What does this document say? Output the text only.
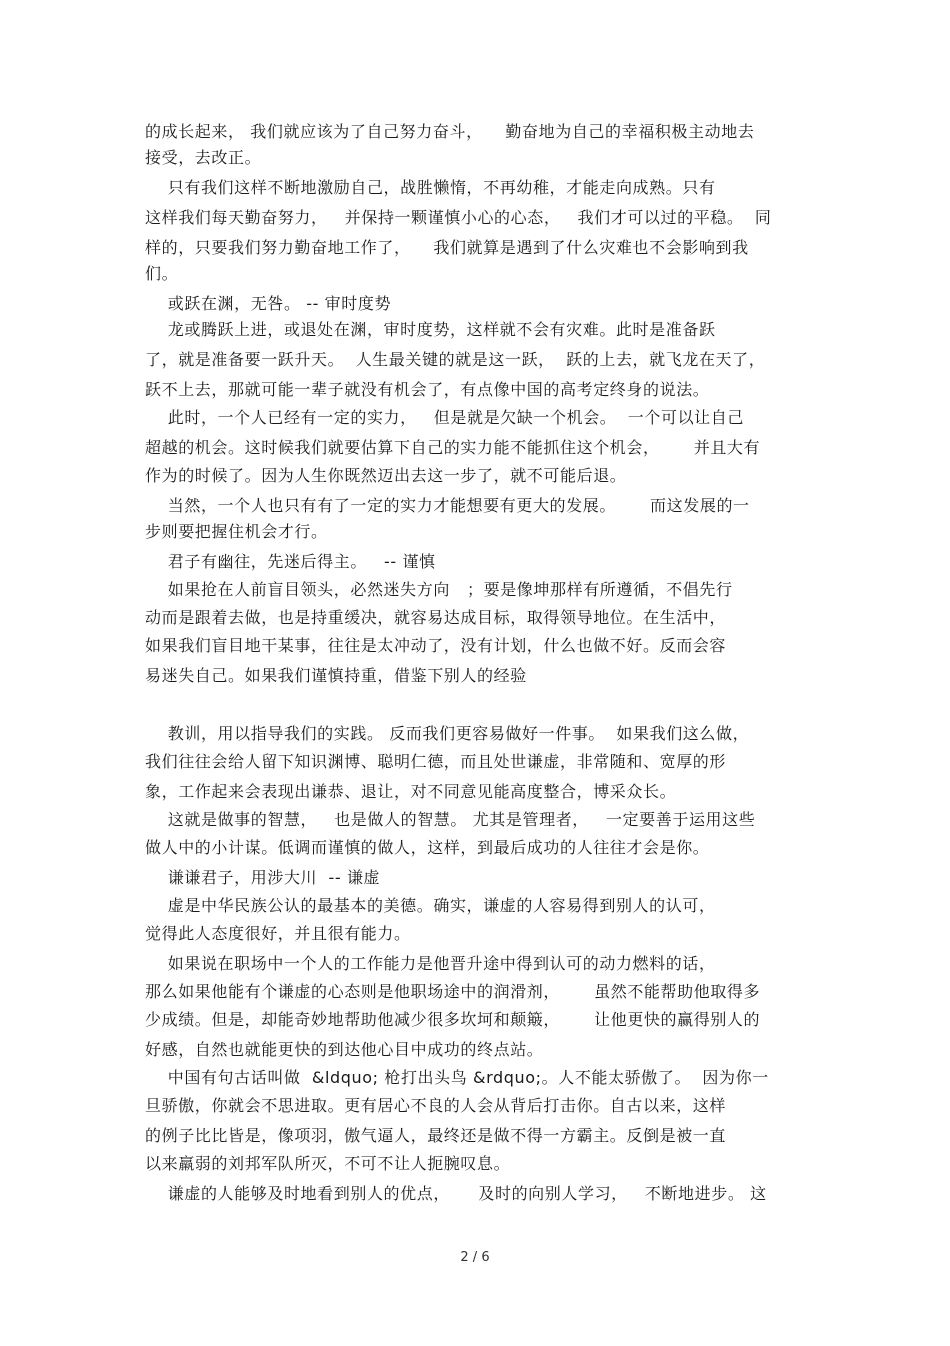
的成长起来， 我们就应该为了自己努力奋斗，    勤奋地为自己的幸福积极主动地去
接受，去改正。
只有我们这样不断地激励自己，战胜懒惰，不再幼稚，才能走向成熟。只有
这样我们每天勤奋努力，   并保持一颗谨慎小心的心态，   我们才可以过的平稳。  同
样的，只要我们努力勤奋地工作了，    我们就算是遇到了什么灾难也不会影响到我
们。
或跃在渊，无咎。 -- 审时度势
龙或腾跃上进，或退处在渊，审时度势，这样就不会有灾难。此时是准备跃
了，就是准备要一跃升天。  人生最关键的就是这一跃，  跃的上去，就飞龙在天了，
跃不上去，那就可能一辈子就没有机会了，有点像中国的高考定终身的说法。
此时，一个人已经有一定的实力，   但是就是欠缺一个机会。  一个可以让自己
超越的机会。这时候我们就要估算下自己的实力能不能抓住这个机会，      并且大有
作为的时候了。因为人生你既然迈出去这一步了，就不可能后退。
当然，一个人也只有有了一定的实力才能想要有更大的发展。      而这发展的一
步则要把握住机会才行。
君子有幽往，先迷后得主。   -- 谨慎
如果抢在人前盲目领头，必然迷失方向   ；要是像坤那样有所遵循，不倡先行
动而是跟着去做，也是持重缓决，就容易达成目标，取得领导地位。在生活中，
如果我们盲目地干某事，往往是太冲动了，没有计划，什么也做不好。反而会容
易迷失自己。如果我们谨慎持重，借鉴下别人的经验
教训，用以指导我们的实践。 反而我们更容易做好一件事。  如果我们这么做，
我们往往会给人留下知识渊博、聪明仁德，而且处世谦虚，非常随和、宽厚的形
象，工作起来会表现出谦恭、退让，对不同意见能高度整合，博采众长。
这就是做事的智慧，   也是做人的智慧。 尤其是管理者，   一定要善于运用这些
做人中的小计谋。低调而谨慎的做人，这样，到最后成功的人往往才会是你。
谦谦君子，用涉大川  -- 谦虚
虚是中华民族公认的最基本的美德。确实，谦虚的人容易得到别人的认可，
觉得此人态度很好，并且很有能力。
如果说在职场中一个人的工作能力是他晋升途中得到认可的动力燃料的话，
那么如果他能有个谦虚的心态则是他职场途中的润滑剂，      虽然不能帮助他取得多
少成绩。但是，却能奇妙地帮助他减少很多坎坷和颠簸，      让他更快的赢得别人的
好感，自然也就能更快的到达他心目中成功的终点站。
中国有句古话叫做  &ldquo; 枪打出头鸟 &rdquo;。人不能太骄傲了。  因为你一
旦骄傲，你就会不思进取。更有居心不良的人会从背后打击你。自古以来，这样
的例子比比皆是，像项羽，傲气逼人，最终还是做不得一方霸主。反倒是被一直
以来羸弱的刘邦军队所灭，不可不让人扼腕叹息。
谦虚的人能够及时地看到别人的优点，     及时的向别人学习，   不断地进步。 这
2 / 6
